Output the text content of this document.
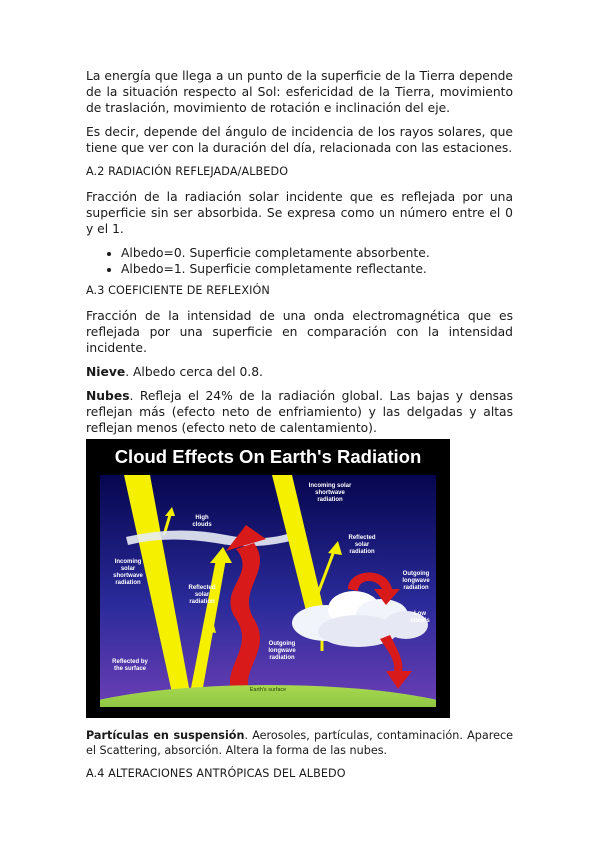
La energía que llega a un punto de la superficie de la Tierra depende de la situación respecto al Sol: esfericidad de la Tierra, movimiento de traslación, movimiento de rotación e inclinación del eje.

Es decir, depende del ángulo de incidencia de los rayos solares, que tiene que ver con la duración del día, relacionada con las estaciones.

A.2 RADIACIÓN REFLEJADA/ALBEDO

Fracción de la radiación solar incidente que es reflejada por una superficie sin ser absorbida. Se expresa como un número entre el 0 y el 1.

• Albedo=0. Superficie completamente absorbente.
• Albedo=1. Superficie completamente reflectante.

A.3 COEFICIENTE DE REFLEXIÓN

Fracción de la intensidad de una onda electromagnética que es reflejada por una superficie en comparación con la intensidad incidente.

Nieve. Albedo cerca del 0.8.

Nubes. Refleja el 24% de la radiación global. Las bajas y densas reflejan más (efecto neto de enfriamiento) y las delgadas y altas reflejan menos (efecto neto de calentamiento).

Cloud Effects On Earth's Radiation
High
clouds
Incoming
solar
shortwave
radiation
Reflected
solar
radiation
Reflected by
the surface
Incoming solar
shortwave
radiation
Reflected
solar
radiation
Outgoing
longwave
radiation
Low
clouds
Outgoing
longwave
radiation
Earth's surface

Partículas en suspensión. Aerosoles, partículas, contaminación. Aparece el Scattering, absorción. Altera la forma de las nubes.

A.4 ALTERACIONES ANTRÓPICAS DEL ALBEDO
